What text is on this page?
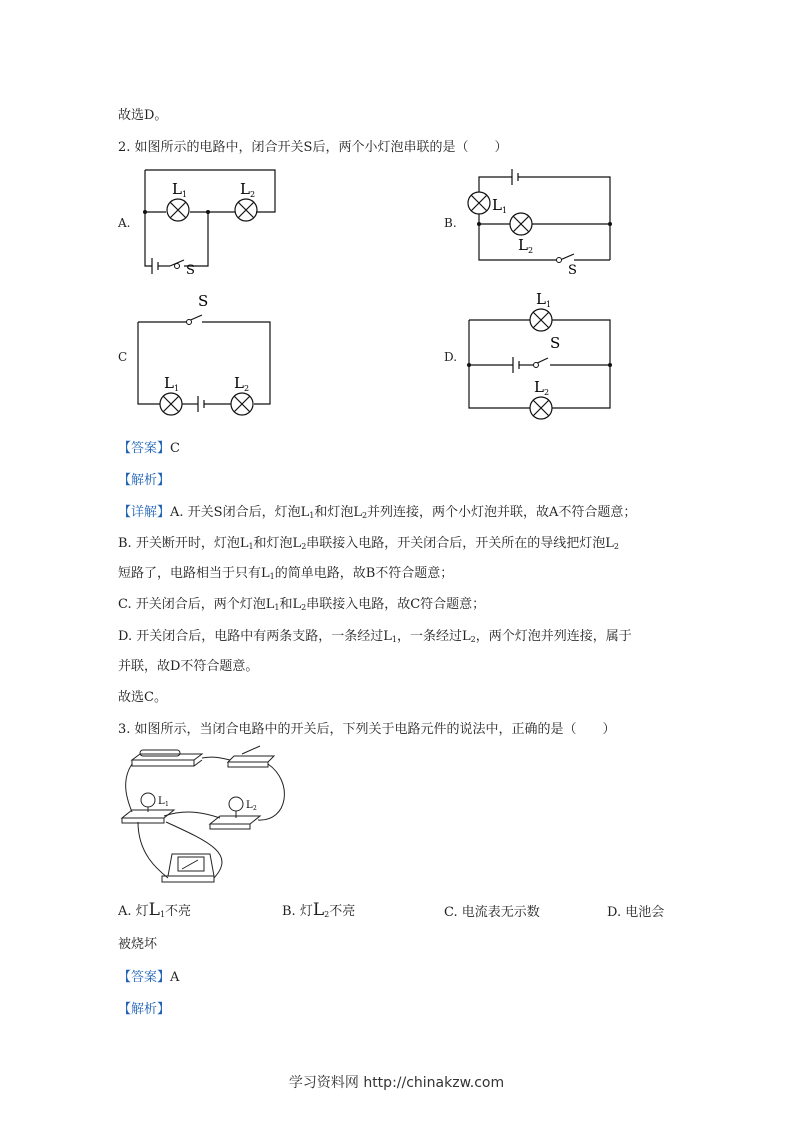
故选D。
2. 如图所示的电路中，闭合开关S后，两个小灯泡串联的是（　　）
A.
L 1	L 2
S
B.
L 1
L 2
S
C
S
L 1	L 2
D.
L 1
S
L 2
【答案】C
【解析】
【详解】A. 开关S闭合后，灯泡$L_1$和灯泡$L_2$并列连接，两个小灯泡并联，故A不符合题意；
B. 开关断开时，灯泡$L_1$和灯泡$L_2$串联接入电路，开关闭合后，开关所在的导线把灯泡$L_2$
短路了，电路相当于只有$L_1$的简单电路，故B不符合题意；
C. 开关闭合后，两个灯泡$L_1$和$L_2$串联接入电路，故C符合题意；
D. 开关闭合后，电路中有两条支路，一条经过$L_1$，一条经过$L_2$，两个灯泡并列连接，属于
并联，故D不符合题意。
故选C。
3. 如图所示，当闭合电路中的开关后，下列关于电路元件的说法中，正确的是（　　）
L 1	L 2
A. 灯$L_1$不亮	B. 灯$L_2$不亮	C. 电流表无示数	D. 电池会
被烧坏
【答案】A
【解析】
学习资料网 http://chinakzw.com
